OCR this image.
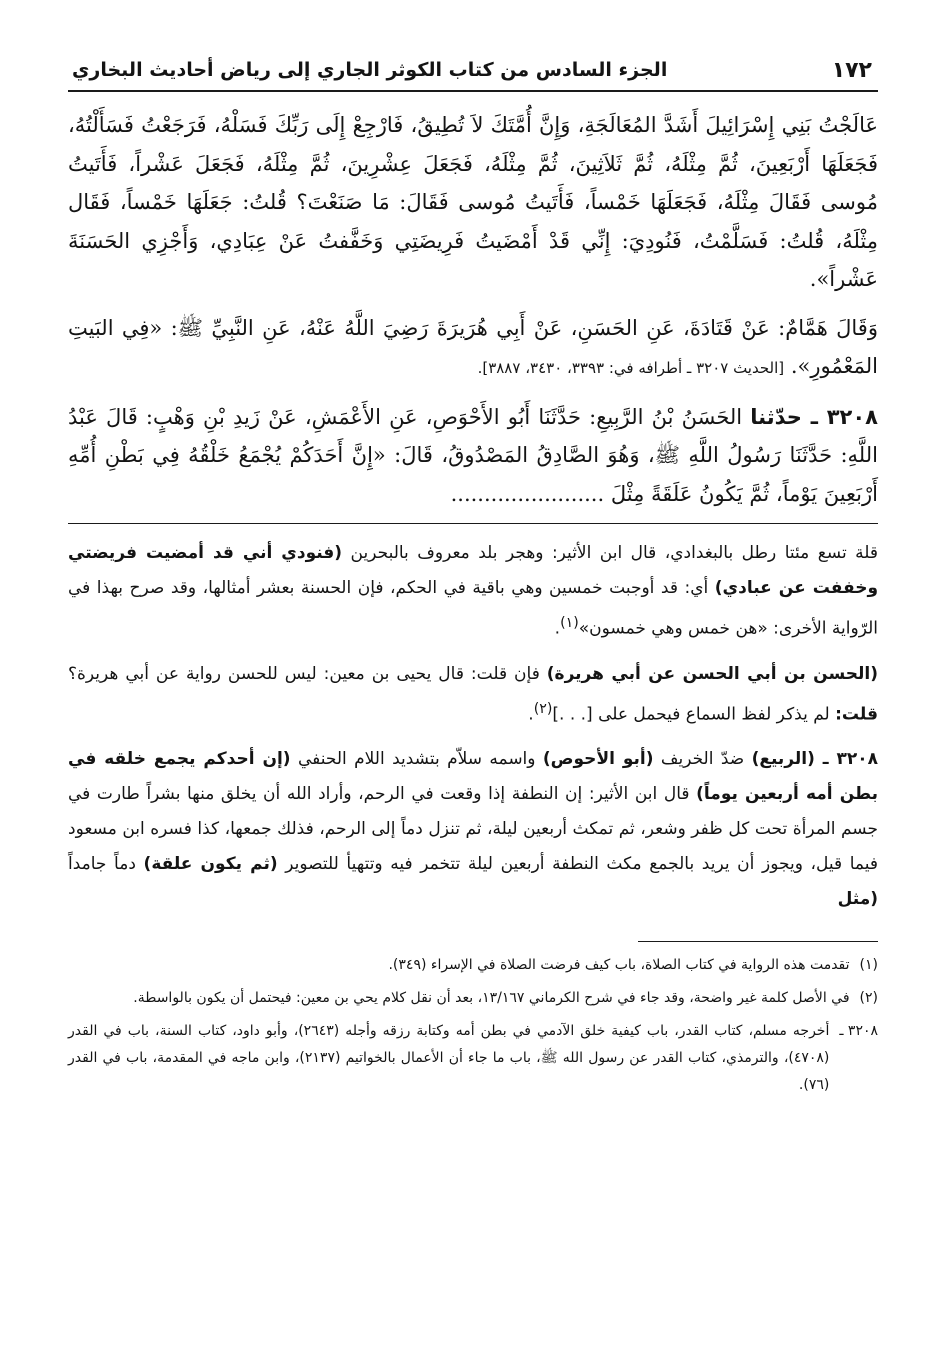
١٧٢
الجزء السادس من كتاب الكوثر الجاري إلى رياض أحاديث البخاري

عَالَجْتُ بَنِي إِسْرَائِيلَ أَشَدَّ المُعَالَجَةِ، وَإِنَّ أُمَّتَكَ لاَ تُطِيقُ، فَارْجِعْ إِلَى رَبِّكَ فَسَلْهُ، فَرَجَعْتُ فَسَأَلْتُهُ، فَجَعَلَهَا أَرْبَعِينَ، ثُمَّ مِثْلَهُ، ثُمَّ ثَلاَثِينَ، ثُمَّ مِثْلَهُ، فَجَعَلَ عِشْرِينَ، ثُمَّ مِثْلَهُ، فَجَعَلَ عَشْراً، فَأَتَيتُ مُوسى فَقَالَ مِثْلَهُ، فَجَعَلَهَا خَمْساً، فَأَتَيتُ مُوسى فَقَالَ: مَا صَنَعْتَ؟ قُلتُ: جَعَلَهَا خَمْساً، فَقَال مِثْلَهُ، قُلتُ: فَسَلَّمْتُ، فَنُودِيَ: إِنِّي قَدْ أَمْضَيتُ فَرِيضَتِي وَخَفَّفتُ عَنْ عِبَادِي، وَأَجْزِي الحَسَنَةَ عَشْراً».

وَقَالَ هَمَّامٌ: عَنْ قَتَادَةَ، عَنِ الحَسَنِ، عَنْ أَبِي هُرَيرَةَ رَضِيَ اللَّهُ عَنْهُ، عَنِ النَّبِيِّ ﷺ: «فِي البَيتِ المَعْمُورِ». [الحديث ٣٢٠٧ ـ أطرافه في: ٣٣٩٣، ٣٤٣٠، ٣٨٨٧].

٣٢٠٨ ـ حدّثنا الحَسَنُ بْنُ الرَّبِيعِ: حَدَّثَنَا أَبُو الأَحْوَصِ، عَنِ الأَعْمَشِ، عَنْ زَيدِ بْنِ وَهْبٍ: قَالَ عَبْدُ اللَّهِ: حَدَّثَنَا رَسُولُ اللَّهِ ﷺ، وَهُوَ الصَّادِقُ المَصْدُوقُ، قَالَ: «إِنَّ أَحَدَكُمْ يُجْمَعُ خَلْقُهُ فِي بَطْنِ أُمِّهِ أَرْبَعِينَ يَوْماً، ثُمَّ يَكُونُ عَلَقَةً مِثْلَ .......................

قلة تسع مئتا رطل بالبغدادي، قال ابن الأثير: وهجر بلد معروف بالبحرين (فنودي أني قد أمضيت فريضتي وخففت عن عبادي) أي: قد أوجبت خمسين وهي باقية في الحكم، فإن الحسنة بعشر أمثالها، وقد صرح بهذا في الرّواية الأخرى: «هن خمس وهي خمسون»$^{(١)}$.

(الحسن بن أبي الحسن عن أبي هريرة) فإن قلت: قال يحيى بن معين: ليس للحسن رواية عن أبي هريرة؟ قلت: لم يذكر لفظ السماع فيحمل على [. . .]$^{(٢)}$.

٣٢٠٨ ـ (الربيع) ضدّ الخريف (أبو الأحوص) واسمه سلاّم بتشديد اللام الحنفي (إن أحدكم يجمع خلقه في بطن أمه أربعين يوماً) قال ابن الأثير: إن النطفة إذا وقعت في الرحم، وأراد الله أن يخلق منها بشراً طارت في جسم المرأة تحت كل ظفر وشعر، ثم تمكث أربعين ليلة، ثم تنزل دماً إلى الرحم، فذلك جمعها، كذا فسره ابن مسعود فيما قيل، ويجوز أن يريد بالجمع مكث النطفة أربعين ليلة تتخمر فيه وتتهيأ للتصوير (ثم يكون علقة) دماً جامداً (مثل

(١)
تقدمت هذه الرواية في كتاب الصلاة، باب كيف فرضت الصلاة في الإسراء (٣٤٩).
(٢)
في الأصل كلمة غير واضحة، وقد جاء في شرح الكرماني ١٣/١٦٧، بعد أن نقل كلام يحي بن معين: فيحتمل أن يكون بالواسطة.
٣٢٠٨ ـ
أخرجه مسلم، كتاب القدر، باب كيفية خلق الآدمي في بطن أمه وكتابة رزقه وأجله (٢٦٤٣)، وأبو داود، كتاب السنة، باب في القدر (٤٧٠٨)، والترمذي، كتاب القدر عن رسول الله ﷺ، باب ما جاء أن الأعمال بالخواتيم (٢١٣٧)، وابن ماجه في المقدمة، باب في القدر (٧٦).
